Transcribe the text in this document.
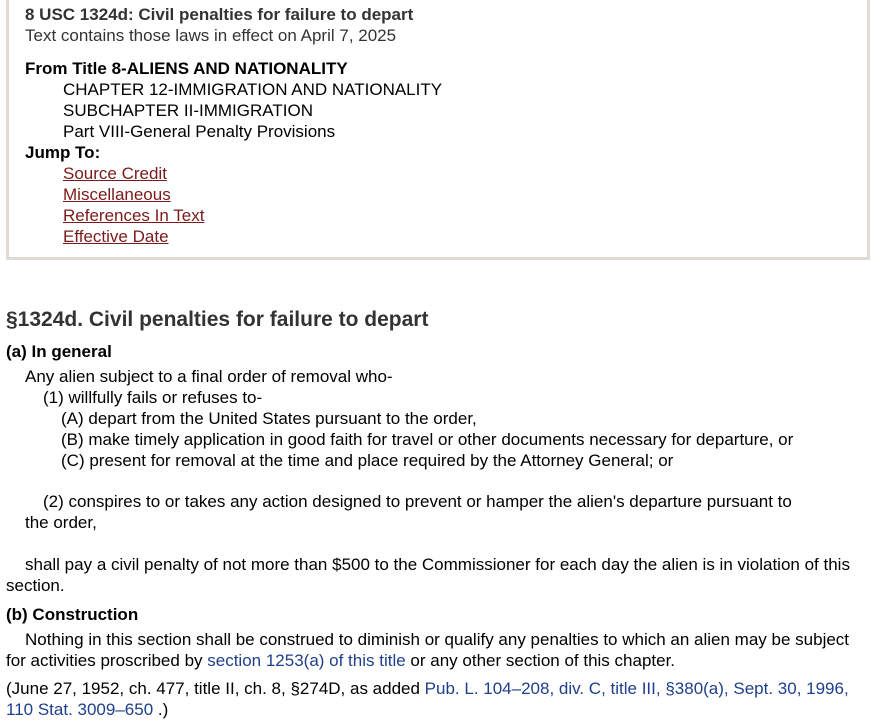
8 USC 1324d: Civil penalties for failure to depart
Text contains those laws in effect on April 7, 2025
From Title 8-ALIENS AND NATIONALITY
CHAPTER 12-IMMIGRATION AND NATIONALITY
SUBCHAPTER II-IMMIGRATION
Part VIII-General Penalty Provisions
Jump To:
Source Credit
Miscellaneous
References In Text
Effective Date
§1324d. Civil penalties for failure to depart
(a) In general
Any alien subject to a final order of removal who-
(1) willfully fails or refuses to-
(A) depart from the United States pursuant to the order,
(B) make timely application in good faith for travel or other documents necessary for departure, or
(C) present for removal at the time and place required by the Attorney General; or
(2) conspires to or takes any action designed to prevent or hamper the alien's departure pursuant to
the order,
shall pay a civil penalty of not more than $500 to the Commissioner for each day the alien is in violation of this section.
(b) Construction
Nothing in this section shall be construed to diminish or qualify any penalties to which an alien may be subject for activities proscribed by section 1253(a) of this title or any other section of this chapter.
(June 27, 1952, ch. 477, title II, ch. 8, §274D, as added Pub. L. 104–208, div. C, title III, §380(a), Sept. 30, 1996, 110 Stat. 3009–650 .)
